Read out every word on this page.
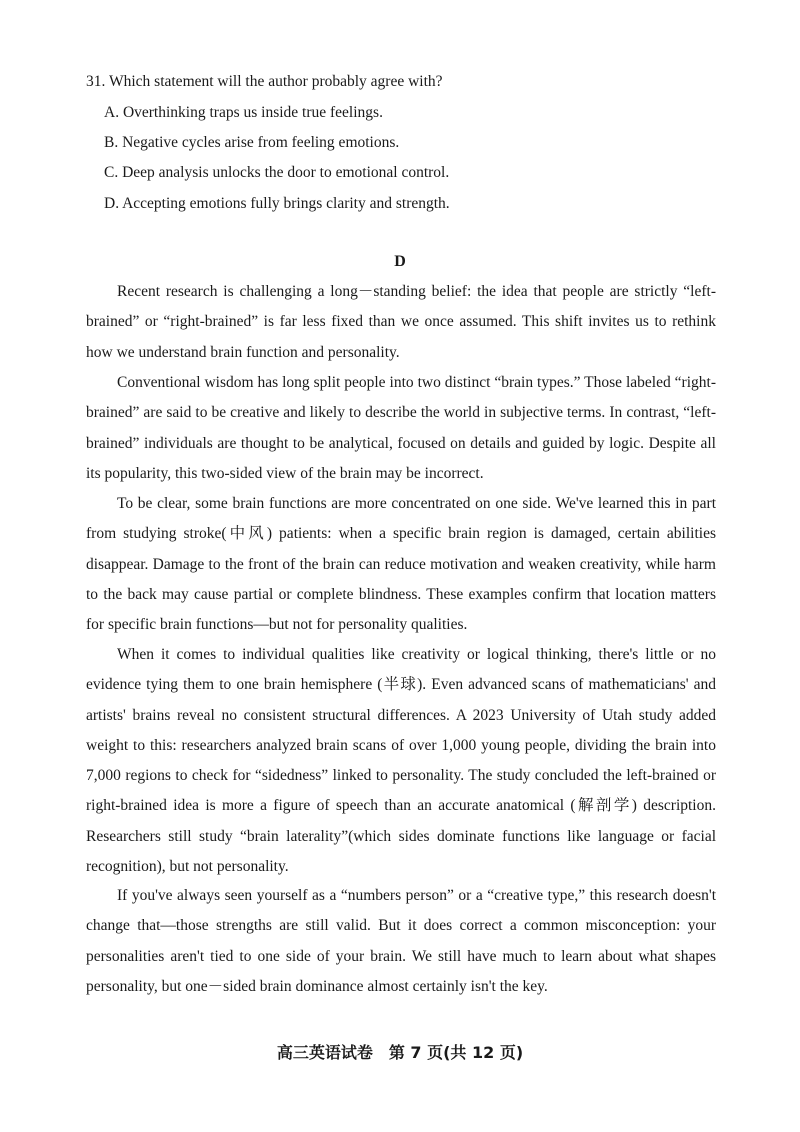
31. Which statement will the author probably agree with?
A. Overthinking traps us inside true feelings.
B. Negative cycles arise from feeling emotions.
C. Deep analysis unlocks the door to emotional control.
D. Accepting emotions fully brings clarity and strength.
D

Recent research is challenging a long－standing belief: the idea that people are strictly “left-brained” or “right-brained” is far less fixed than we once assumed. This shift invites us to rethink how we understand brain function and personality.

Conventional wisdom has long split people into two distinct “brain types.” Those labeled “right-brained” are said to be creative and likely to describe the world in subjective terms. In contrast, “left-brained” individuals are thought to be analytical, focused on details and guided by logic. Despite all its popularity, this two-sided view of the brain may be incorrect.

To be clear, some brain functions are more concentrated on one side. We've learned this in part from studying stroke(中风) patients: when a specific brain region is damaged, certain abilities disappear. Damage to the front of the brain can reduce motivation and weaken creativity, while harm to the back may cause partial or complete blindness. These examples confirm that location matters for specific brain functions—but not for personality qualities.

When it comes to individual qualities like creativity or logical thinking, there's little or no evidence tying them to one brain hemisphere (半球). Even advanced scans of mathematicians' and artists' brains reveal no consistent structural differences. A 2023 University of Utah study added weight to this: researchers analyzed brain scans of over 1,000 young people, dividing the brain into 7,000 regions to check for “sidedness” linked to personality. The study concluded the left-brained or right-brained idea is more a figure of speech than an accurate anatomical (解剖学) description. Researchers still study “brain laterality”(which sides dominate functions like language or facial recognition), but not personality.

If you've always seen yourself as a “numbers person” or a “creative type,” this research doesn't change that—those strengths are still valid. But it does correct a common misconception: your personalities aren't tied to one side of your brain. We still have much to learn about what shapes personality, but one－sided brain dominance almost certainly isn't the key.

高三英语试卷　第 7 页(共 12 页)
